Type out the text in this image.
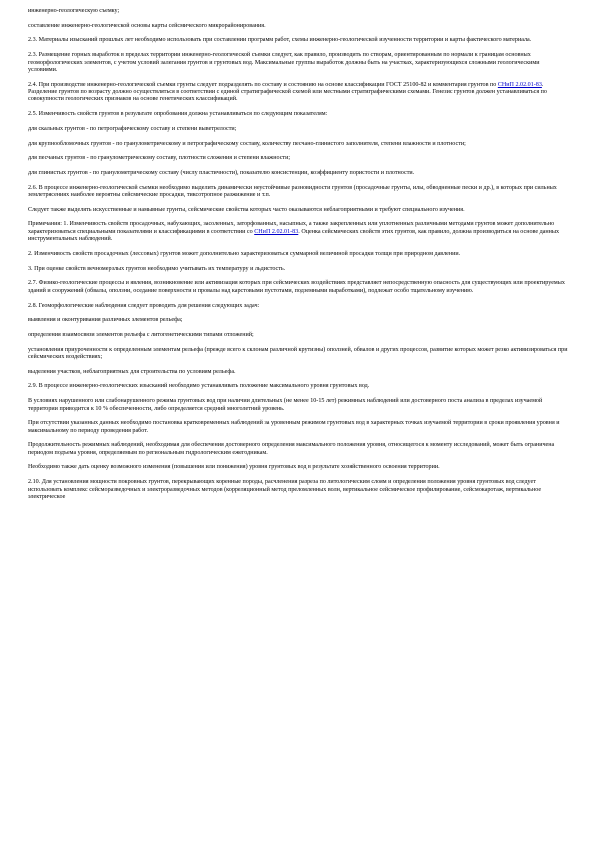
инженерно-геологическую съемку;

составление инженерно-геологической основы карты сейсмического микрорайонирования.

2.3. Материалы изысканий прошлых лет необходимо использовать при составлении программ работ, схемы инженерно-геологической изученности территории и карты фактического материала.

2.3. Размещение горных выработок в пределах территории инженерно-геологической съемки следует, как правило, производить по створам, ориентированным по нормали к границам основных геоморфологических элементов, с учетом условий залегания грунтов и грунтовых вод. Максимальные группы выработок должны быть на участках, характеризующихся сложными геологическими условиями.

2.4. При производстве инженерно-геологической съемки грунты следует подразделять по составу и состоянию на основе классификации ГОСТ 25100-82 и комментария грунтов по СНиП 2.02.01-83. Разделение грунтов по возрасту должно осуществляться в соответствии с единой стратиграфической схемой или местными стратиграфическими схемами. Генезис грунтов должен устанавливаться по совокупности геологических признаков на основе генетических классификаций.

2.5. Изменчивость свойств грунтов в результате опробования должна устанавливаться по следующим показателям:

для скальных грунтов - по петрографическому составу и степени выветрелости;

для крупнообломочных грунтов - по гранулометрическому и петрографическому составу, количеству песчано-глинистого заполнителя, степени влажности и плотности;

для песчаных грунтов - по гранулометрическому составу, плотности сложения и степени влажности;

для глинистых грунтов - по гранулометрическому составу (числу пластичности), показателю консистенции, коэффициенту пористости и плотности.

2.6. В процессе инженерно-геологической съемки необходимо выделить динамически неустойчивые разновидности грунтов (просадочные грунты, илы, обводненные пески и др.), в которых при сильных землетрясениях наиболее вероятны сейсмические просадки, тиксотропное разжижение и т.п.

Следует также выделять искусственные и намывные грунты, сейсмические свойства которых часто оказываются неблагоприятными и требуют специального изучения.

Примечания: 1. Изменчивость свойств просадочных, набухающих, засоленных, заторфованных, насыпных, а также закрепленных или уплотненных различными методами грунтов может дополнительно характеризоваться специальными показателями и классификациями в соответствии со СНиП 2.02.01-83. Оценка сейсмических свойств этих грунтов, как правило, должна производиться на основе данных инструментальных наблюдений.

2. Изменчивость свойств просадочных (лессовых) грунтов может дополнительно характеризоваться суммарной величиной просадки толщи при природном давлении.

3. При оценке свойств вечномерзлых грунтов необходимо учитывать их температуру и льдистость.

2.7. Физико-геологические процессы и явления, возникновение или активизация которых при сейсмических воздействиях представляет непосредственную опасность для существующих или проектируемых зданий и сооружений (обвалы, оползни, оседание поверхности и провалы над карстовыми пустотами, подземными выработками), подлежат особо тщательному изучению.

2.8. Геоморфологические наблюдения следует проводить для решения следующих задач:

выявления и оконтуривания различных элементов рельефа;

определения взаимосвязи элементов рельефа с литогенетическими типами отложений;

установления приуроченности к определенным элементам рельефа (прежде всего к склонам различной крутизны) оползней, обвалов и других процессов, развитие которых может резко активизироваться при сейсмических воздействиях;

выделения участков, неблагоприятных для строительства по условиям рельефа.

2.9. В процессе инженерно-геологических изысканий необходимо устанавливать положение максимального уровня грунтовых вод.

В условиях нарушенного или слабонарушенного режима грунтовых вод при наличии длительных (не менее 10-15 лет) режимных наблюдений или достоверного поста анализа в пределах изучаемой территории приводится к 10 % обеспеченности, либо определяется средний многолетний уровень.

При отсутствии указанных данных необходимо постановка кратковременных наблюдений за уровенным режимом грунтовых вод в характерных точках изучаемой территории в сроки проявления уровня и максимальному по периоду проведения работ.

Продолжительность режимных наблюдений, необходимая для обеспечения достоверного определения максимального положения уровня, относящегося к моменту исследований, может быть ограничена периодом подъема уровня, определяемым по региональным гидрологическим ежегодникам.

Необходимо также дать оценку возможного изменения (повышения или понижения) уровня грунтовых вод в результате хозяйственного освоения территории.

2.10. Для установления мощности покровных грунтов, перекрывающих коренные породы, расчленения разреза по литологическим слоям и определения положения уровня грунтовых вод следует использовать комплекс сейсморазведочных и электроразведочных методов (корреляционный метод преломленных волн, вертикальное сейсмическое профилирование, сейсмокаротаж, вертикальное электрическое
